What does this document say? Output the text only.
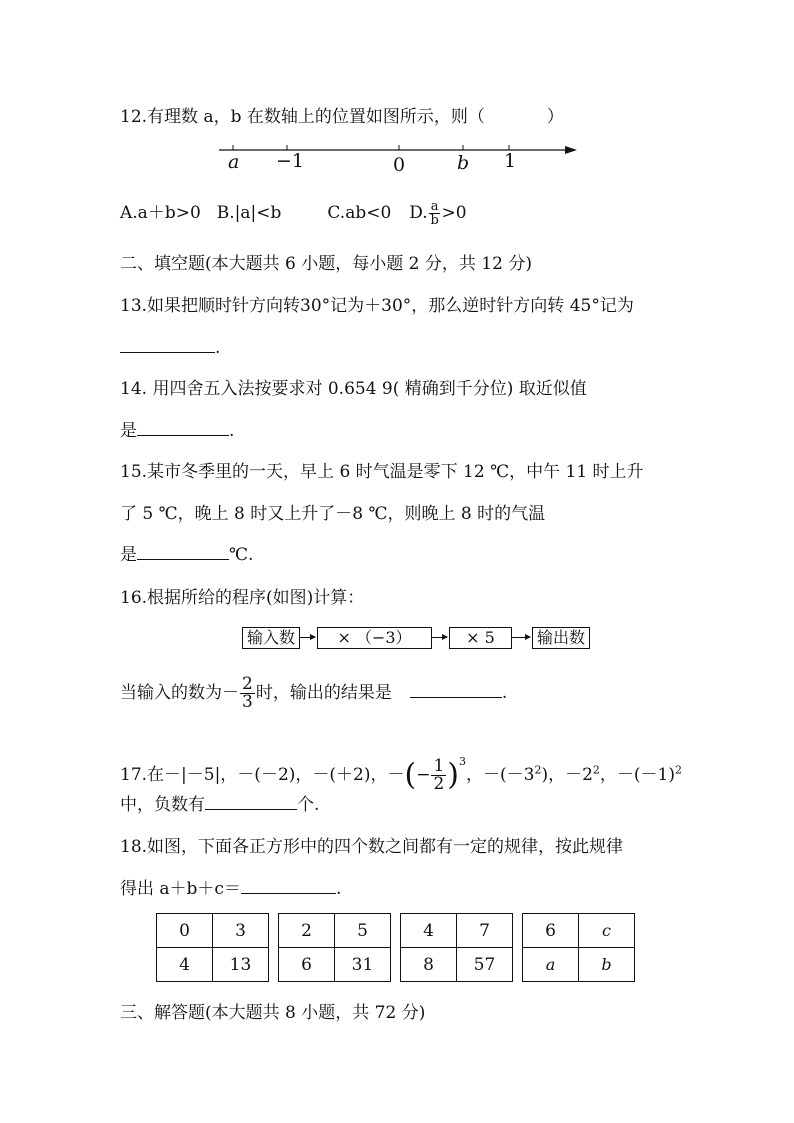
12.有理数 a，b 在数轴上的位置如图所示，则（	）
a −1	0	b 1
A.a＋b>0 B.|a|<b	C.ab<0 D. $\frac{a}{b} >0$
二、填空题(本大题共 6 小题，每小题 2 分，共 12 分)
13.如果把顺时针方向转30°记为＋30°，那么逆时针方向转 45°记为
.
14. 用四舍五入法按要求对 0.654 9( 精确到千分位) 取近似值
是	.
15.某市冬季里的一天，早上 6 时气温是零下 12 ℃，中午 11 时上升
了 5 ℃，晚上 8 时又上升了－8 ℃，则晚上 8 时的气温
是	℃.
16.根据所给的程序(如图)计算：
输入数	× （−3）	× 5	输出数
当输入的数为－ $\frac{2}{3}$ 时，输出的结果是	.
17.在－|－5|，－(－2)，－(＋2)，－(− $\frac{1}{2} )^3$，$-(-3^2)$，$-2^2$，$-(-1)^2$
中，负数有	个.
18.如图，下面各正方形中的四个数之间都有一定的规律，按此规律
得出 a＋b＋c＝	.
0	3
4	13
2	5
6	31
4	7
8	57
6	c
a	b
三、解答题(本大题共 8 小题，共 72 分)
